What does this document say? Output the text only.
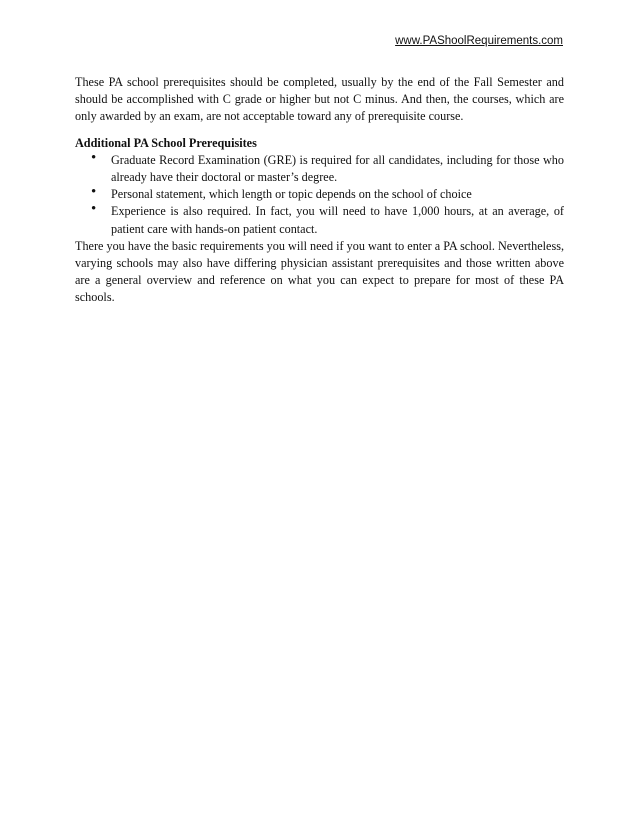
www.PAShoolRequirements.com

These PA school prerequisites should be completed, usually by the end of the Fall Semester and should be accomplished with C grade or higher but not C minus. And then, the courses, which are only awarded by an exam, are not acceptable toward any of prerequisite course.

Additional PA School Prerequisites

• Graduate Record Examination (GRE) is required for all candidates, including for those who already have their doctoral or master’s degree.
• Personal statement, which length or topic depends on the school of choice
• Experience is also required. In fact, you will need to have 1,000 hours, at an average, of patient care with hands-on patient contact.

There you have the basic requirements you will need if you want to enter a PA school. Nevertheless, varying schools may also have differing physician assistant prerequisites and those written above are a general overview and reference on what you can expect to prepare for most of these PA schools.
